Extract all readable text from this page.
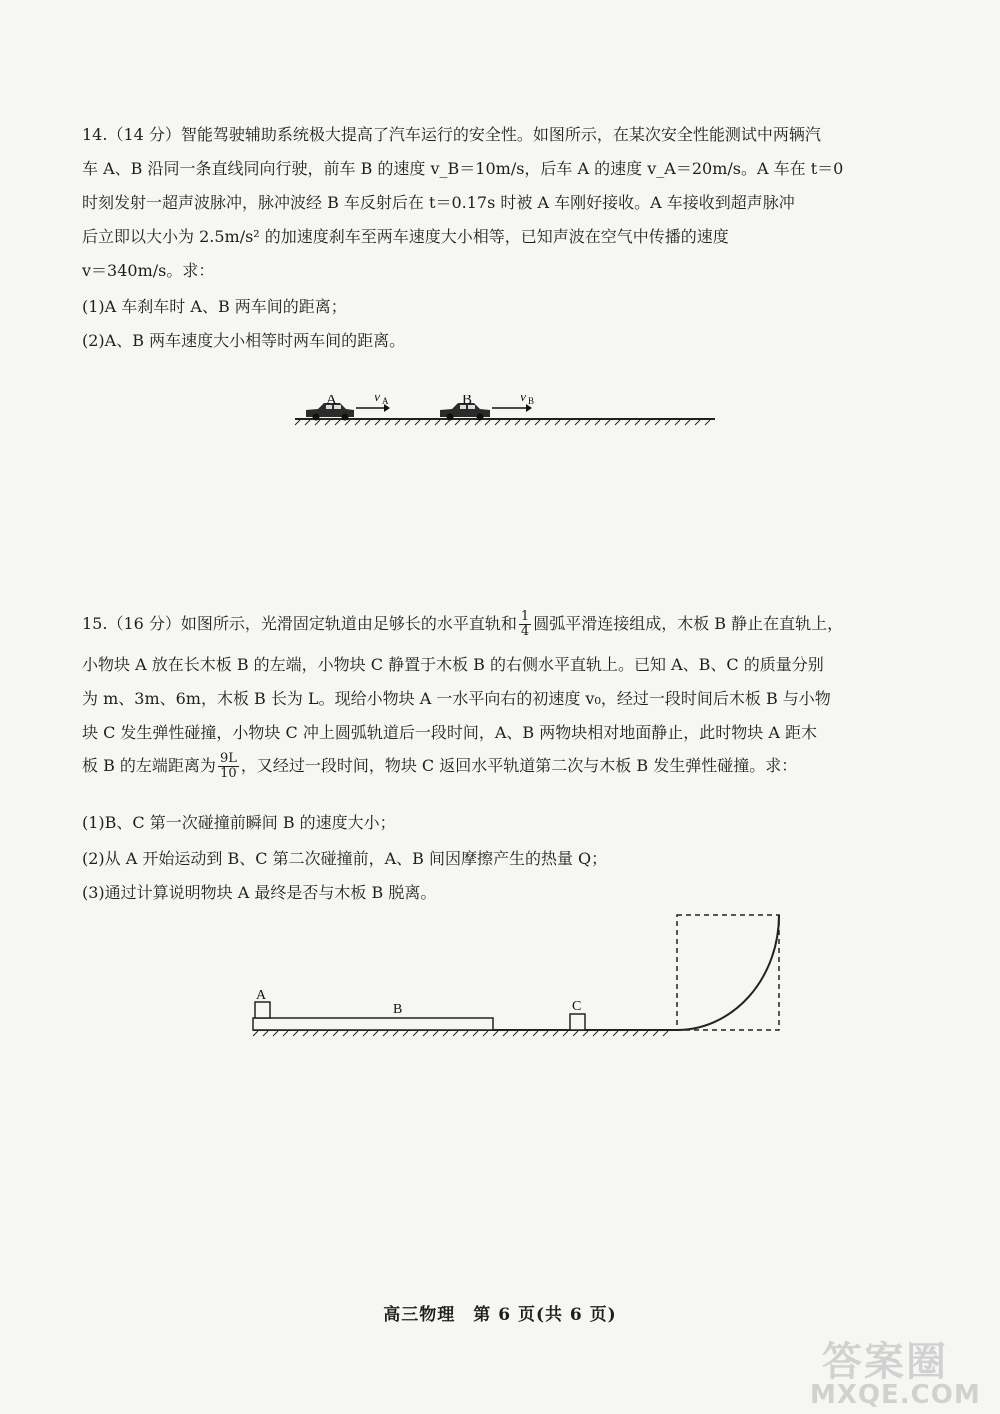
14.（14 分）智能驾驶辅助系统极大提高了汽车运行的安全性。如图所示，在某次安全性能测试中两辆汽
车 A、B 沿同一条直线同向行驶，前车 B 的速度 v_B＝10m/s，后车 A 的速度 v_A＝20m/s。A 车在 t＝0
时刻发射一超声波脉冲，脉冲波经 B 车反射后在 t＝0.17s 时被 A 车刚好接收。A 车接收到超声脉冲
后立即以大小为 2.5m/s² 的加速度刹车至两车速度大小相等，已知声波在空气中传播的速度
v＝340m/s。求：
(1)A 车刹车时 A、B 两车间的距离；
(2)A、B 两车速度大小相等时两车间的距离。
A	v A	B	v B
15.（16 分）如图所示，光滑固定轨道由足够长的水平直轨和 $\frac{1}{4}$ 圆弧平滑连接组成，木板 B 静止在直轨上，
小物块 A 放在长木板 B 的左端，小物块 C 静置于木板 B 的右侧水平直轨上。已知 A、B、C 的质量分别
为 m、3m、6m，木板 B 长为 L。现给小物块 A 一水平向右的初速度 v₀，经过一段时间后木板 B 与小物
块 C 发生弹性碰撞，小物块 C 冲上圆弧轨道后一段时间，A、B 两物块相对地面静止，此时物块 A 距木
板 B 的左端距离为 $\frac{9L}{10}$ ，又经过一段时间，物块 C 返回水平轨道第二次与木板 B 发生弹性碰撞。求：
(1)B、C 第一次碰撞前瞬间 B 的速度大小；
(2)从 A 开始运动到 B、C 第二次碰撞前，A、B 间因摩擦产生的热量 Q；
(3)通过计算说明物块 A 最终是否与木板 B 脱离。
A
B	C
高三物理　第 6 页(共 6 页)
答案圈
MXQE.COM
